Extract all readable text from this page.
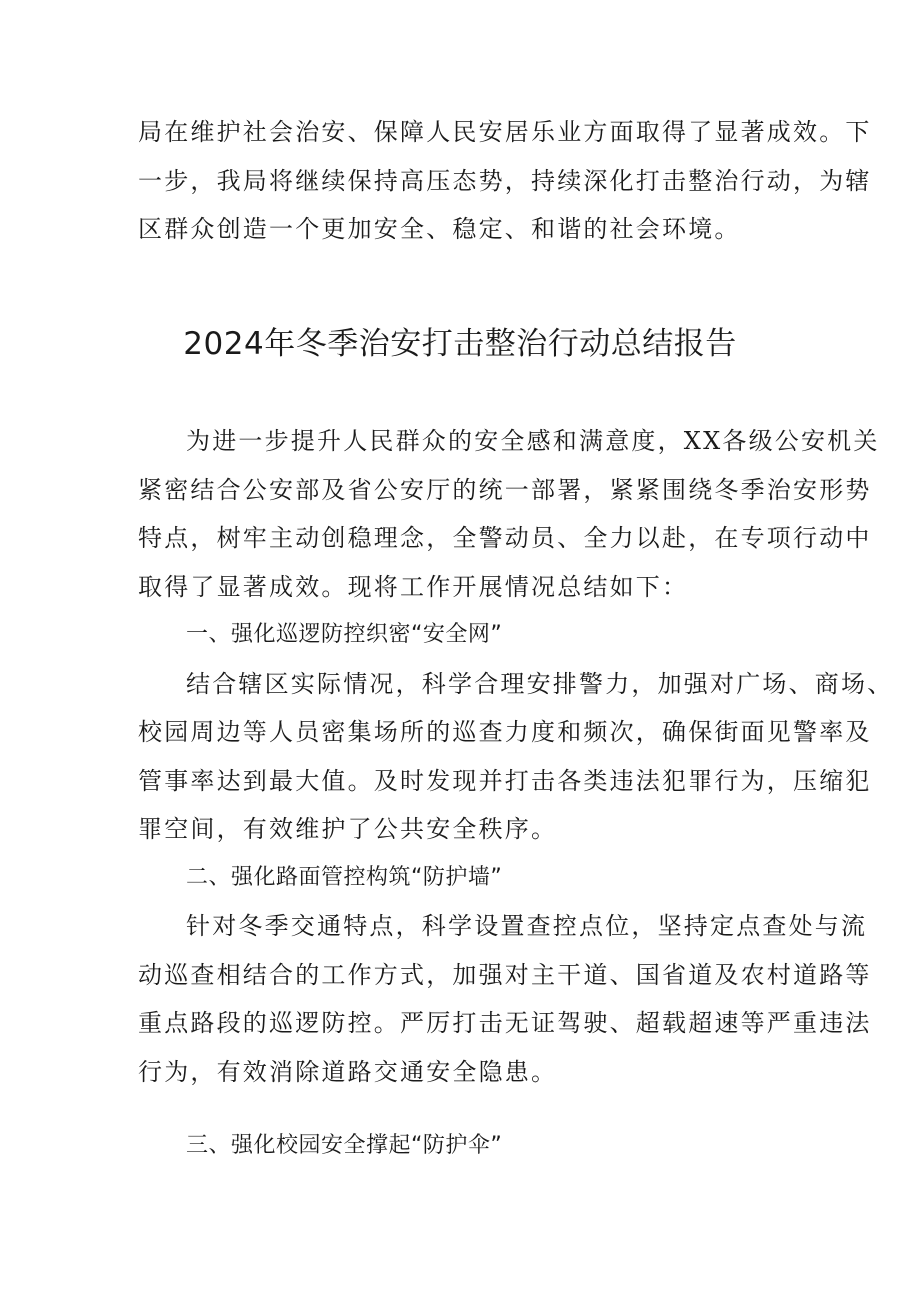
局在维护社会治安、保障人民安居乐业方面取得了显著成效。下
一步，我局将继续保持高压态势，持续深化打击整治行动，为辖
区群众创造一个更加安全、稳定、和谐的社会环境。
2024年冬季治安打击整治行动总结报告
为进一步提升人民群众的安全感和满意度，XX各级公安机关
紧密结合公安部及省公安厅的统一部署，紧紧围绕冬季治安形势
特点，树牢主动创稳理念，全警动员、全力以赴，在专项行动中
取得了显著成效。现将工作开展情况总结如下：
一、强化巡逻防控织密“安全网”
结合辖区实际情况，科学合理安排警力，加强对广场、商场、
校园周边等人员密集场所的巡查力度和频次，确保街面见警率及
管事率达到最大值。及时发现并打击各类违法犯罪行为，压缩犯
罪空间，有效维护了公共安全秩序。
二、强化路面管控构筑“防护墙”
针对冬季交通特点，科学设置查控点位，坚持定点查处与流
动巡查相结合的工作方式，加强对主干道、国省道及农村道路等
重点路段的巡逻防控。严厉打击无证驾驶、超载超速等严重违法
行为，有效消除道路交通安全隐患。
三、强化校园安全撑起“防护伞”
